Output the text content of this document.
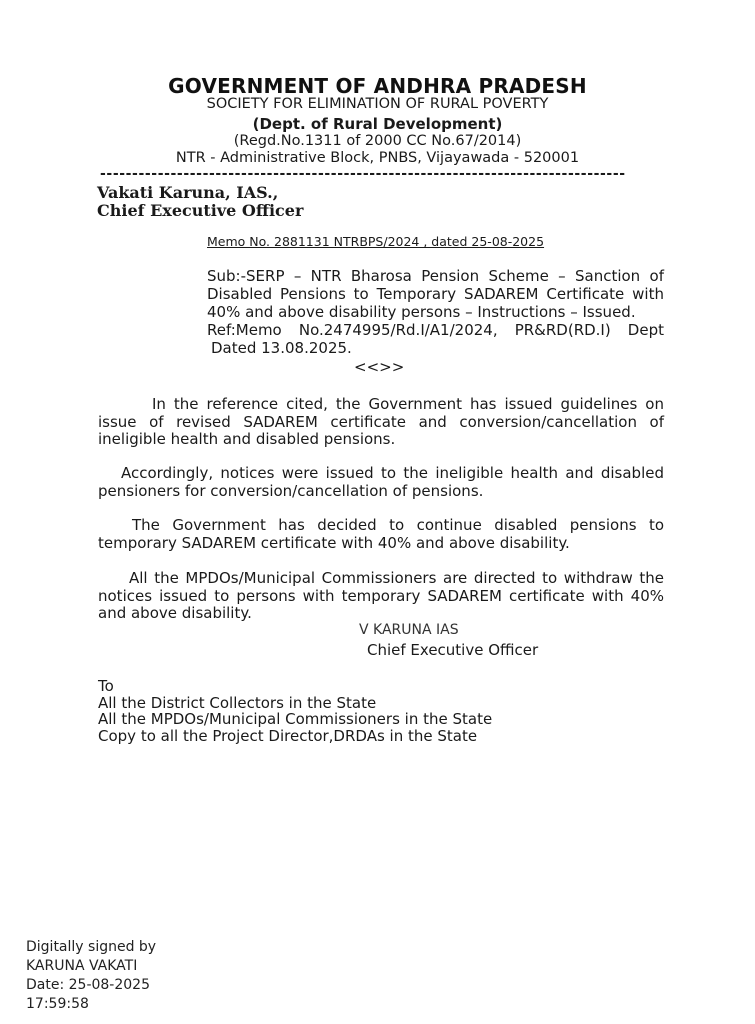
GOVERNMENT OF ANDHRA PRADESH
SOCIETY FOR ELIMINATION OF RURAL POVERTY
(Dept. of Rural Development)
(Regd.No.1311 of 2000 CC No.67/2014)
NTR - Administrative Block, PNBS, Vijayawada - 520001
----------------------------------------------------------------------------------
Vakati Karuna, IAS.,
Chief Executive Officer
Memo No. 2881131 NTRBPS/2024 , dated 25-08-2025
Sub:-SERP – NTR Bharosa Pension Scheme – Sanction of
Disabled Pensions to Temporary SADAREM Certificate with
40% and above disability persons – Instructions – Issued.
Ref:Memo No.2474995/Rd.I/A1/2024, PR&RD(RD.I) Dept
Dated 13.08.2025.
<<>>
In the reference cited, the Government has issued guidelines on
issue of revised SADAREM certificate and conversion/cancellation of
ineligible health and disabled pensions.
Accordingly, notices were issued to the ineligible health and disabled
pensioners for conversion/cancellation of pensions.
The Government has decided to continue disabled pensions to
temporary SADAREM certificate with 40% and above disability.
All the MPDOs/Municipal Commissioners are directed to withdraw the
notices issued to persons with temporary SADAREM certificate with 40%
and above disability.
V KARUNA IAS
Chief Executive Officer
To
All the District Collectors in the State
All the MPDOs/Municipal Commissioners in the State
Copy to all the Project Director,DRDAs in the State
Digitally signed by
KARUNA VAKATI
Date: 25-08-2025
17:59:58
